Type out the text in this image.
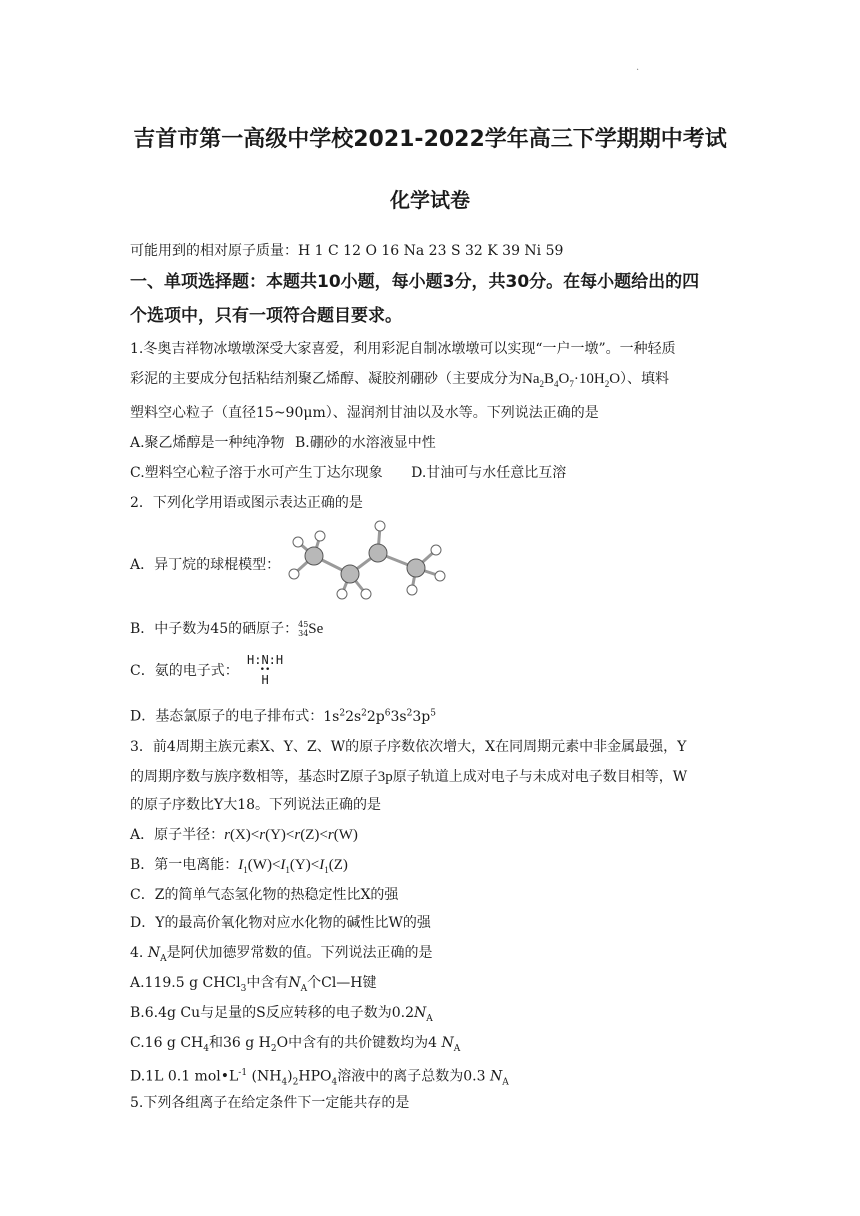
.
吉首市第一高级中学校2021-2022学年高三下学期期中考试
化学试卷
可能用到的相对原子质量：H 1 C 12 O 16 Na 23 S 32 K 39 Ni 59
一、单项选择题：本题共10小题，每小题3分，共30分。在每小题给出的四
个选项中，只有一项符合题目要求。
1.冬奥吉祥物冰墩墩深受大家喜爱，利用彩泥自制冰墩墩可以实现“一户一墩”。一种轻质
彩泥的主要成分包括粘结剂聚乙烯醇、凝胶剂硼砂（主要成分为$Na_2B_4O_7\cdot 10H_2O$）、填料
塑料空心粒子（直径15~90μm）、湿润剂甘油以及水等。下列说法正确的是
A.聚乙烯醇是一种纯净物 B.硼砂的水溶液显中性
C.塑料空心粒子溶于水可产生丁达尔现象 D.甘油可与水任意比互溶
2．下列化学用语或图示表达正确的是
A．异丁烷的球棍模型：
B．中子数为45的硒原子： 45
34 Se
C．氨的电子式：
H:N:H
••
H
D．基态氯原子的电子排布式：$1s^22s^22p^63s^23p^5$
3．前4周期主族元素X、Y、Z、W的原子序数依次增大，X在同周期元素中非金属最强，Y
的周期序数与族序数相等，基态时Z原子3p原子轨道上成对电子与未成对电子数目相等，W
的原子序数比Y大18。下列说法正确的是
A．原子半径：r(X)<r(Y)<r(Z)<r(W)
B．第一电离能：$I_1(W)<I_1(Y)<I_1(Z)$
C．Z的简单气态氢化物的热稳定性比X的强
D．Y的最高价氧化物对应水化物的碱性比W的强
4. $N_A$是阿伏加德罗常数的值。下列说法正确的是
A.119.5 g CHCl$_3$中含有$N_A$个Cl—H键
B.6.4g Cu与足量的S反应转移的电子数为$0.2N_A$
C.16 g $CH_4$和36 g $H_2O$中含有的共价键数均为4 $N_A$
D.1L 0.1 $mol•L^{-1}$ $(NH_4)_2HPO_4$溶液中的离子总数为0.3 $N_A$
5.下列各组离子在给定条件下一定能共存的是
